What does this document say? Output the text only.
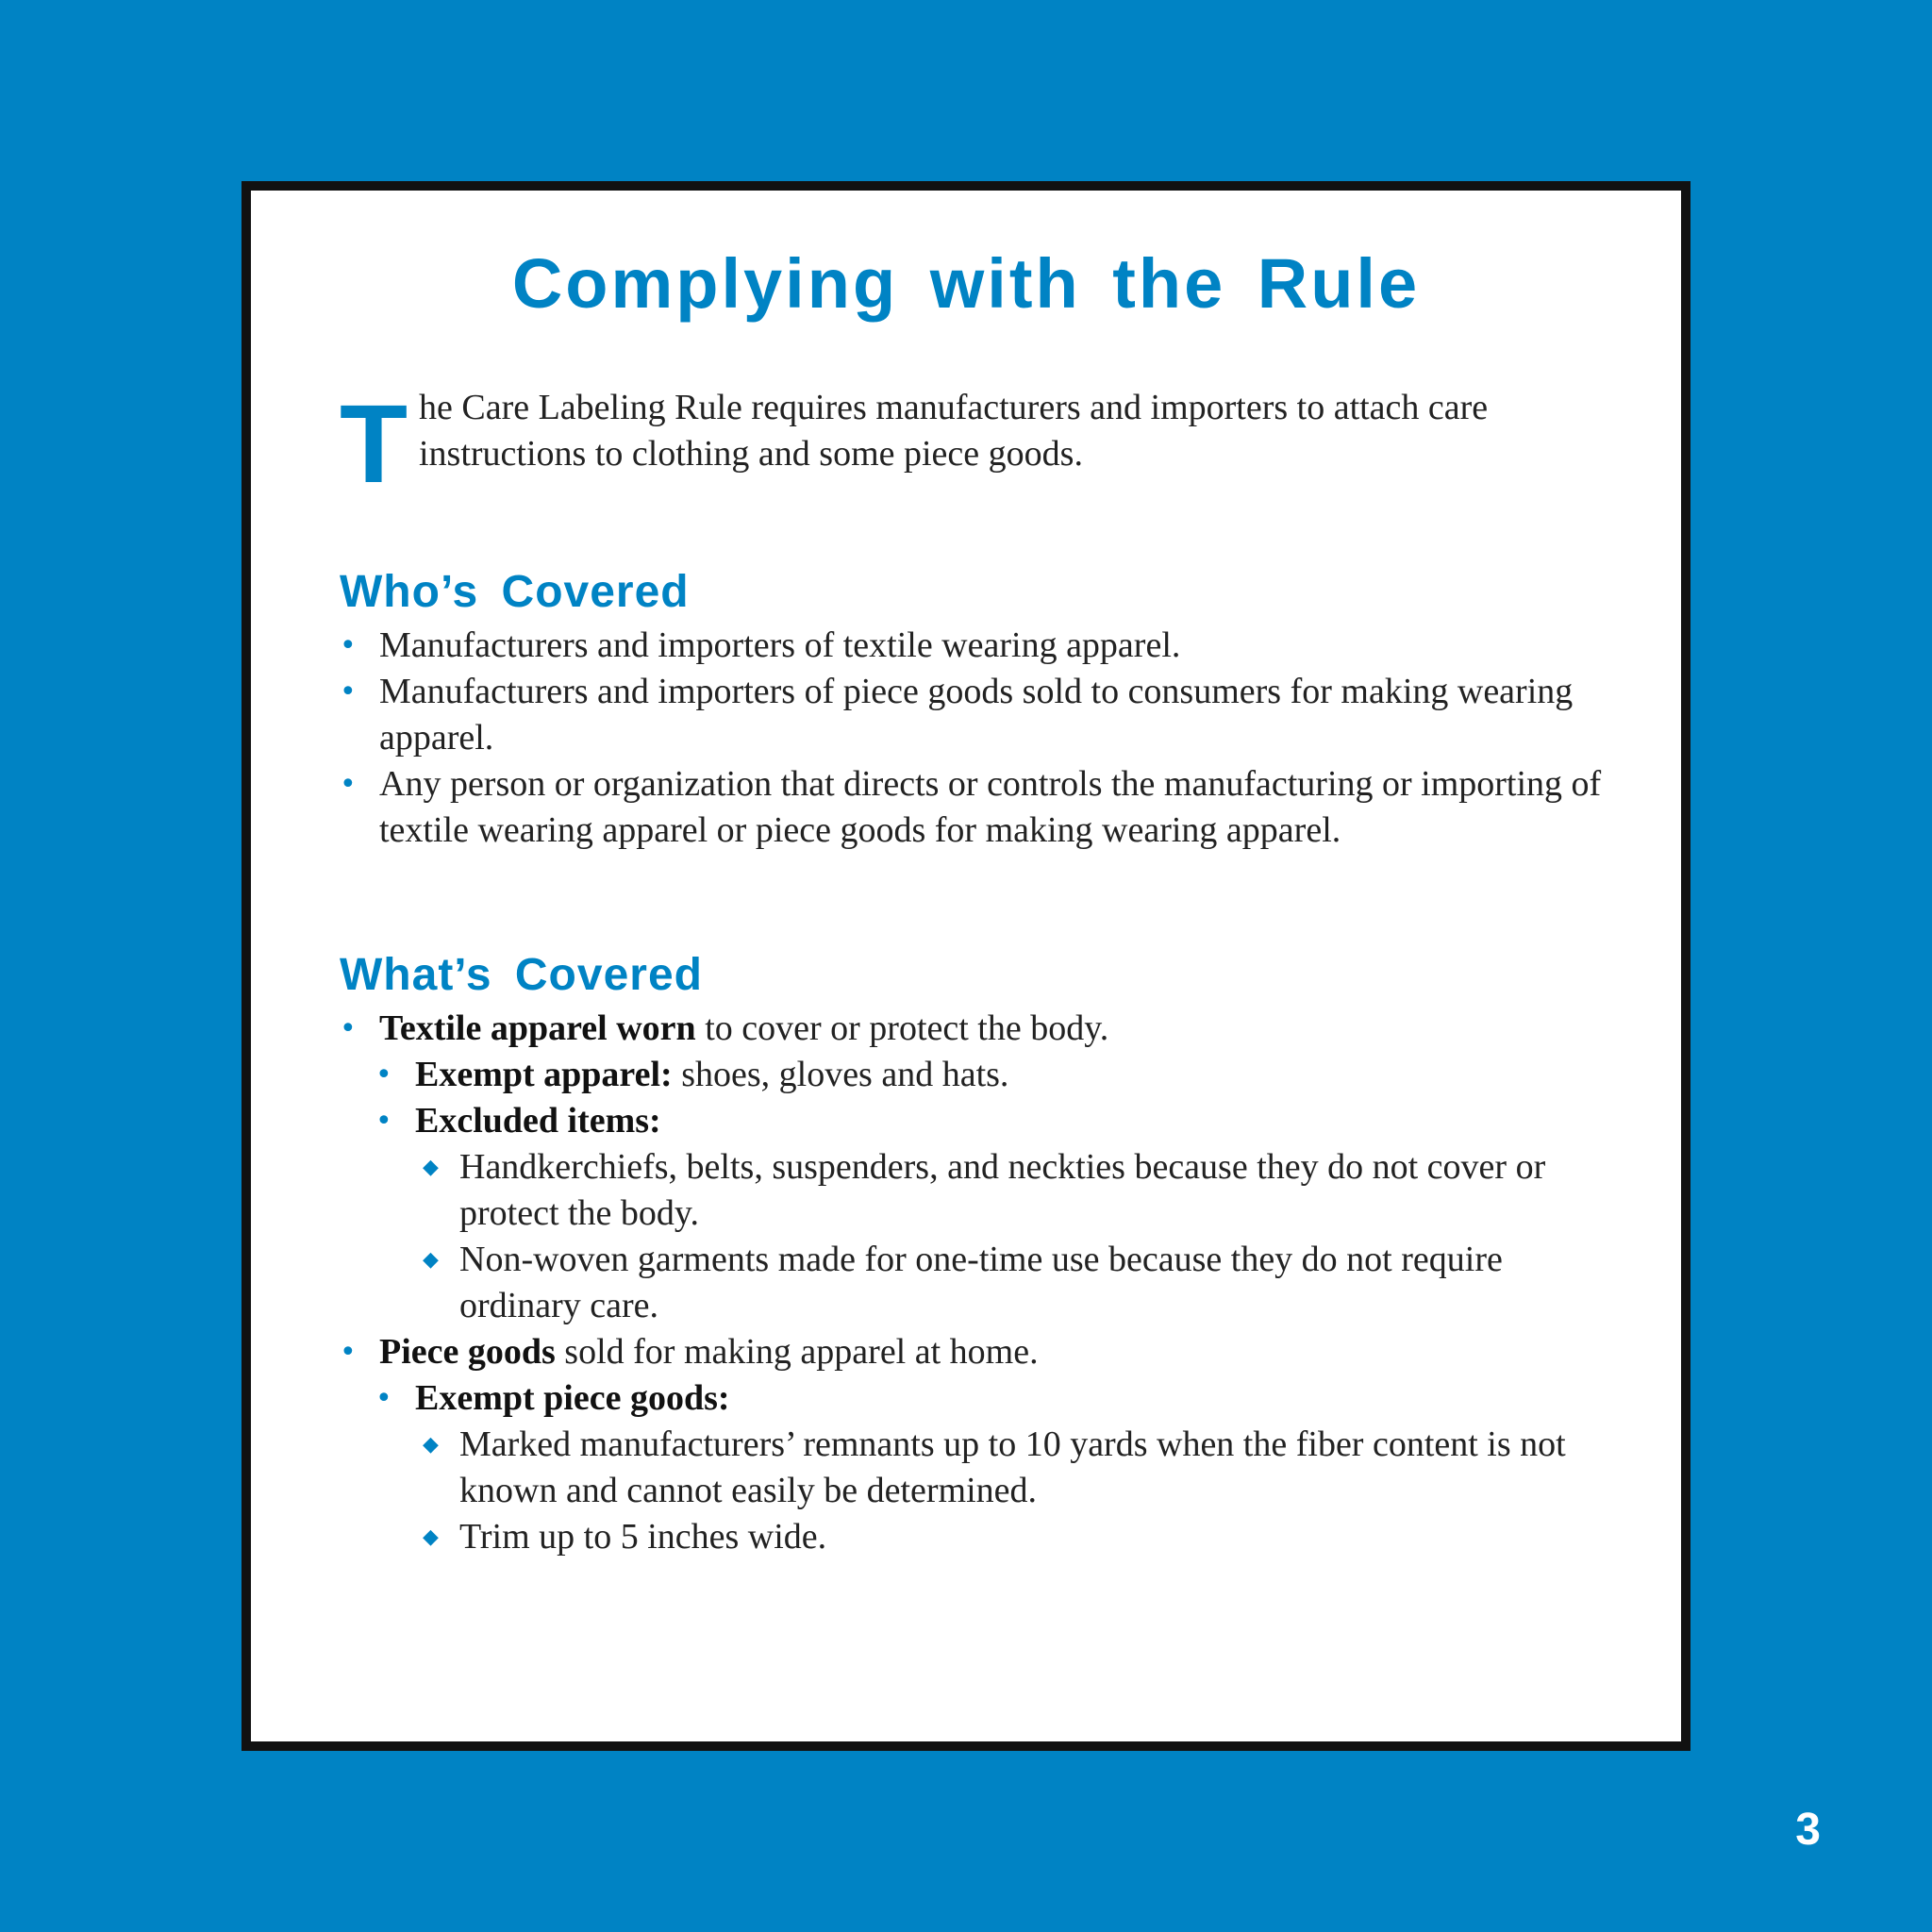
Complying with the Rule
T he Care Labeling Rule requires manufacturers and importers to attach care instructions to clothing and some piece goods.
Who’s Covered
• Manufacturers and importers of textile wearing apparel.
• Manufacturers and importers of piece goods sold to consumers for making wearing apparel.
• Any person or organization that directs or controls the manufacturing or importing of textile wearing apparel or piece goods for making wearing apparel.
What’s Covered
• Textile apparel worn to cover or protect the body.
• Exempt apparel: shoes, gloves and hats.
• Excluded items:
◆ Handkerchiefs, belts, suspenders, and neckties because they do not cover or protect the body.
◆ Non-woven garments made for one-time use because they do not require ordinary care.
• Piece goods sold for making apparel at home.
• Exempt piece goods:
◆ Marked manufacturers’ remnants up to 10 yards when the fiber content is not known and cannot easily be determined.
◆ Trim up to 5 inches wide.
3
